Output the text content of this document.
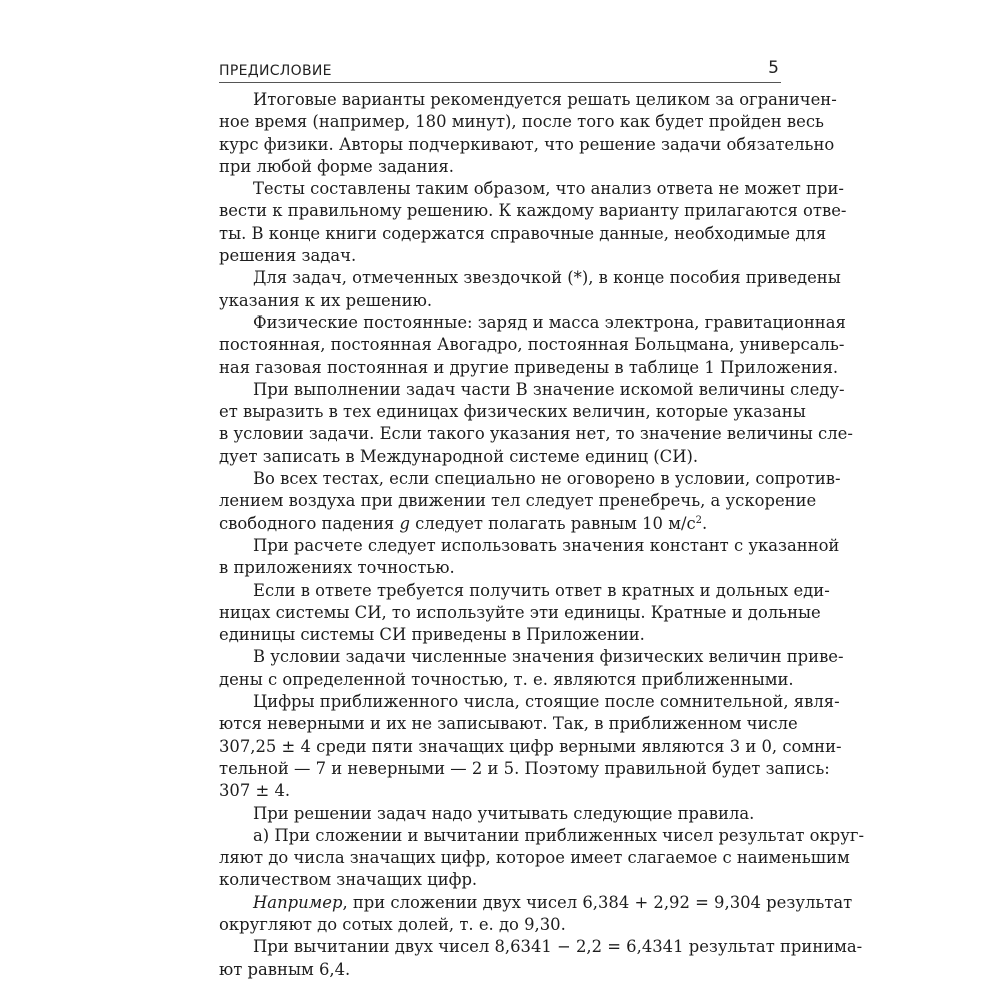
ПРЕДИСЛОВИЕ	5
Итоговые варианты рекомендуется решать целиком за ограничен-
ное время (например, 180 минут), после того как будет пройден весь
курс физики. Авторы подчеркивают, что решение задачи обязательно
при любой форме задания.
Тесты составлены таким образом, что анализ ответа не может при-
вести к правильному решению. К каждому варианту прилагаются отве-
ты. В конце книги содержатся справочные данные, необходимые для
решения задач.
Для задач, отмеченных звездочкой (*), в конце пособия приведены
указания к их решению.
Физические постоянные: заряд и масса электрона, гравитационная
постоянная, постоянная Авогадро, постоянная Больцмана, универсаль-
ная газовая постоянная и другие приведены в таблице 1 Приложения.
При выполнении задач части В значение искомой величины следу-
ет выразить в тех единицах физических величин, которые указаны
в условии задачи. Если такого указания нет, то значение величины сле-
дует записать в Международной системе единиц (СИ).
Во всех тестах, если специально не оговорено в условии, сопротив-
лением воздуха при движении тел следует пренебречь, а ускорение
свободного падения g следует полагать равным 10 $м/с^2$.
При расчете следует использовать значения констант с указанной
в приложениях точностью.
Если в ответе требуется получить ответ в кратных и дольных еди-
ницах системы СИ, то используйте эти единицы. Кратные и дольные
единицы системы СИ приведены в Приложении.
В условии задачи численные значения физических величин приве-
дены с определенной точностью, т. е. являются приближенными.
Цифры приближенного числа, стоящие после сомнительной, явля-
ются неверными и их не записывают. Так, в приближенном числе
307,25 ± 4 среди пяти значащих цифр верными являются 3 и 0, сомни-
тельной — 7 и неверными — 2 и 5. Поэтому правильной будет запись:
307 ± 4.
При решении задач надо учитывать следующие правила.
а) При сложении и вычитании приближенных чисел результат округ-
ляют до числа значащих цифр, которое имеет слагаемое с наименьшим
количеством значащих цифр.
Например, при сложении двух чисел 6,384 + 2,92 = 9,304 результат
округляют до сотых долей, т. е. до 9,30.
При вычитании двух чисел 8,6341 − 2,2 = 6,4341 результат принима-
ют равным 6,4.
